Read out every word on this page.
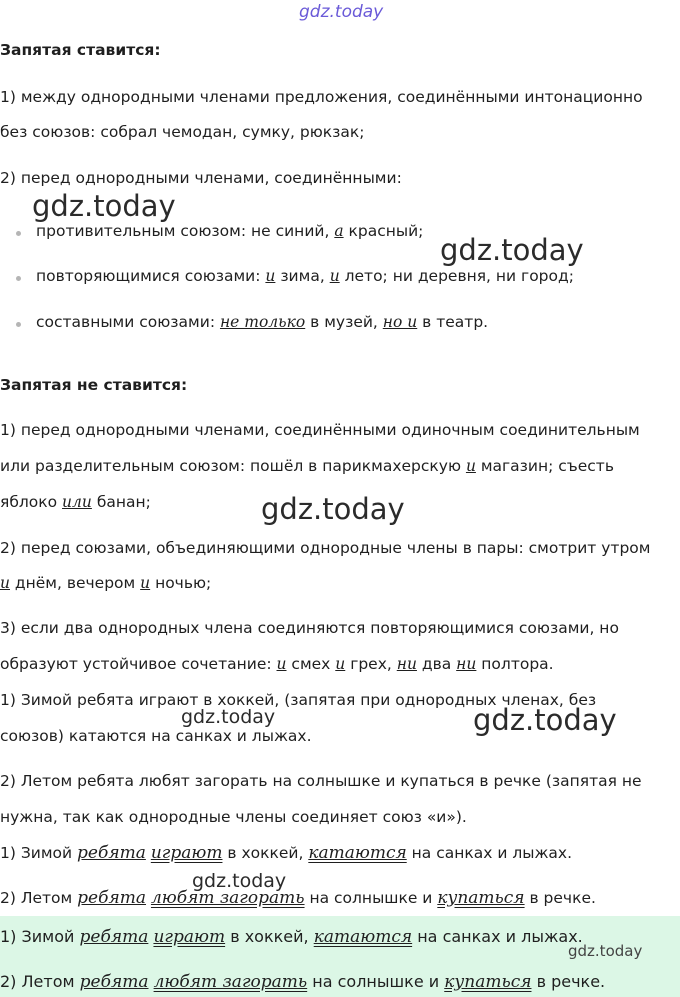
gdz.today
Запятая ставится:
1) между однородными членами предложения, соединёнными интонационно
без союзов: собрал чемодан, сумку, рюкзак;
2) перед однородными членами, соединёнными:
gdz.today
противительным союзом: не синий, а красный;
gdz.today
повторяющимися союзами: и зима, и лето; ни деревня, ни город;
составными союзами: не только в музей, но и в театр.
Запятая не ставится:
1) перед однородными членами, соединёнными одиночным соединительным
или разделительным союзом: пошёл в парикмахерскую и магазин; съесть
яблоко или банан;	gdz.today
2) перед союзами, объединяющими однородные члены в пары: смотрит утром
и днём, вечером и ночью;
3) если два однородных члена соединяются повторяющимися союзами, но
образуют устойчивое сочетание: и смех и грех, ни два ни полтора.
1) Зимой ребята играют в хоккей, (запятая при однородных членах, без
gdz.today	gdz.today
союзов) катаются на санках и лыжах.
2) Летом ребята любят загорать на солнышке и купаться в речке (запятая не
нужна, так как однородные члены соединяет союз «и»).
1) Зимой ребята играют в хоккей, катаются на санках и лыжах.
gdz.today
2) Летом ребята любят загорать на солнышке и купаться в речке.
1) Зимой ребята играют в хоккей, катаются на санках и лыжах.
gdz.today
2) Летом ребята любят загорать на солнышке и купаться в речке.
